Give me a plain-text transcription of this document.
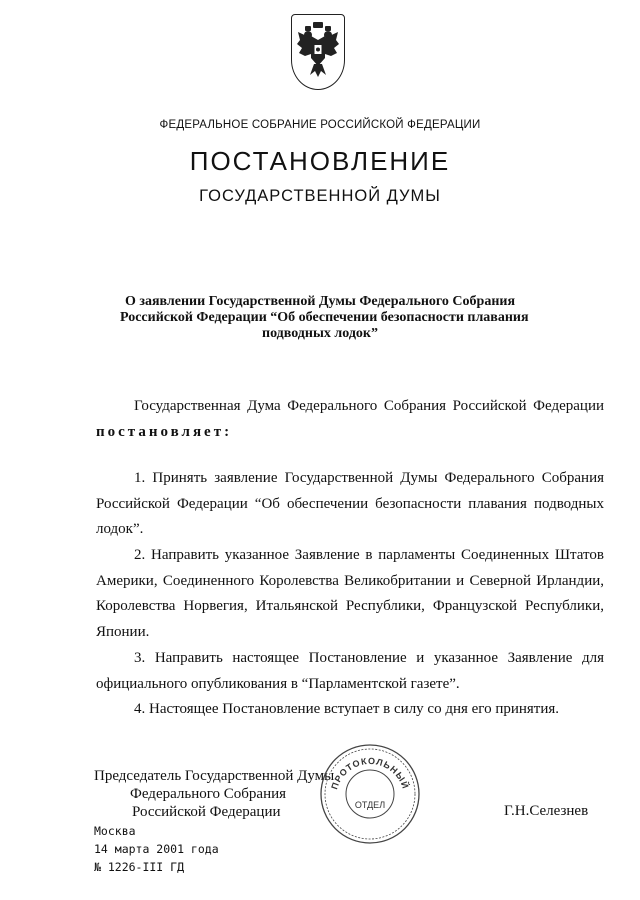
ФЕДЕРАЛЬНОЕ СОБРАНИЕ РОССИЙСКОЙ ФЕДЕРАЦИИ
ПОСТАНОВЛЕНИЕ
ГОСУДАРСТВЕННОЙ ДУМЫ
О заявлении Государственной Думы Федерального Собрания
Российской Федерации “Об обеспечении безопасности плавания
подводных лодок”
Государственная Дума Федерального Собрания Российской Федерации постановляет:
1. Принять заявление Государственной Думы Федерального Собрания Российской Федерации “Об обеспечении безопасности плавания подводных лодок”.
2. Направить указанное Заявление в парламенты Соединенных Штатов Америки, Соединенного Королевства Великобритании и Северной Ирландии, Королевства Норвегия, Итальянской Республики, Французской Республики, Японии.
3. Направить настоящее Постановление и указанное Заявление для официального опубликования в “Парламентской газете”.
4. Настоящее Постановление вступает в силу со дня его принятия.
Председатель Государственной Думы
Федерального Собрания
Российской Федерации	Г.Н.Селезнев
Москва
14 марта 2001 года
№ 1226-III ГД
ПРОТОКОЛЬНЫЙ
ОТДЕЛ
